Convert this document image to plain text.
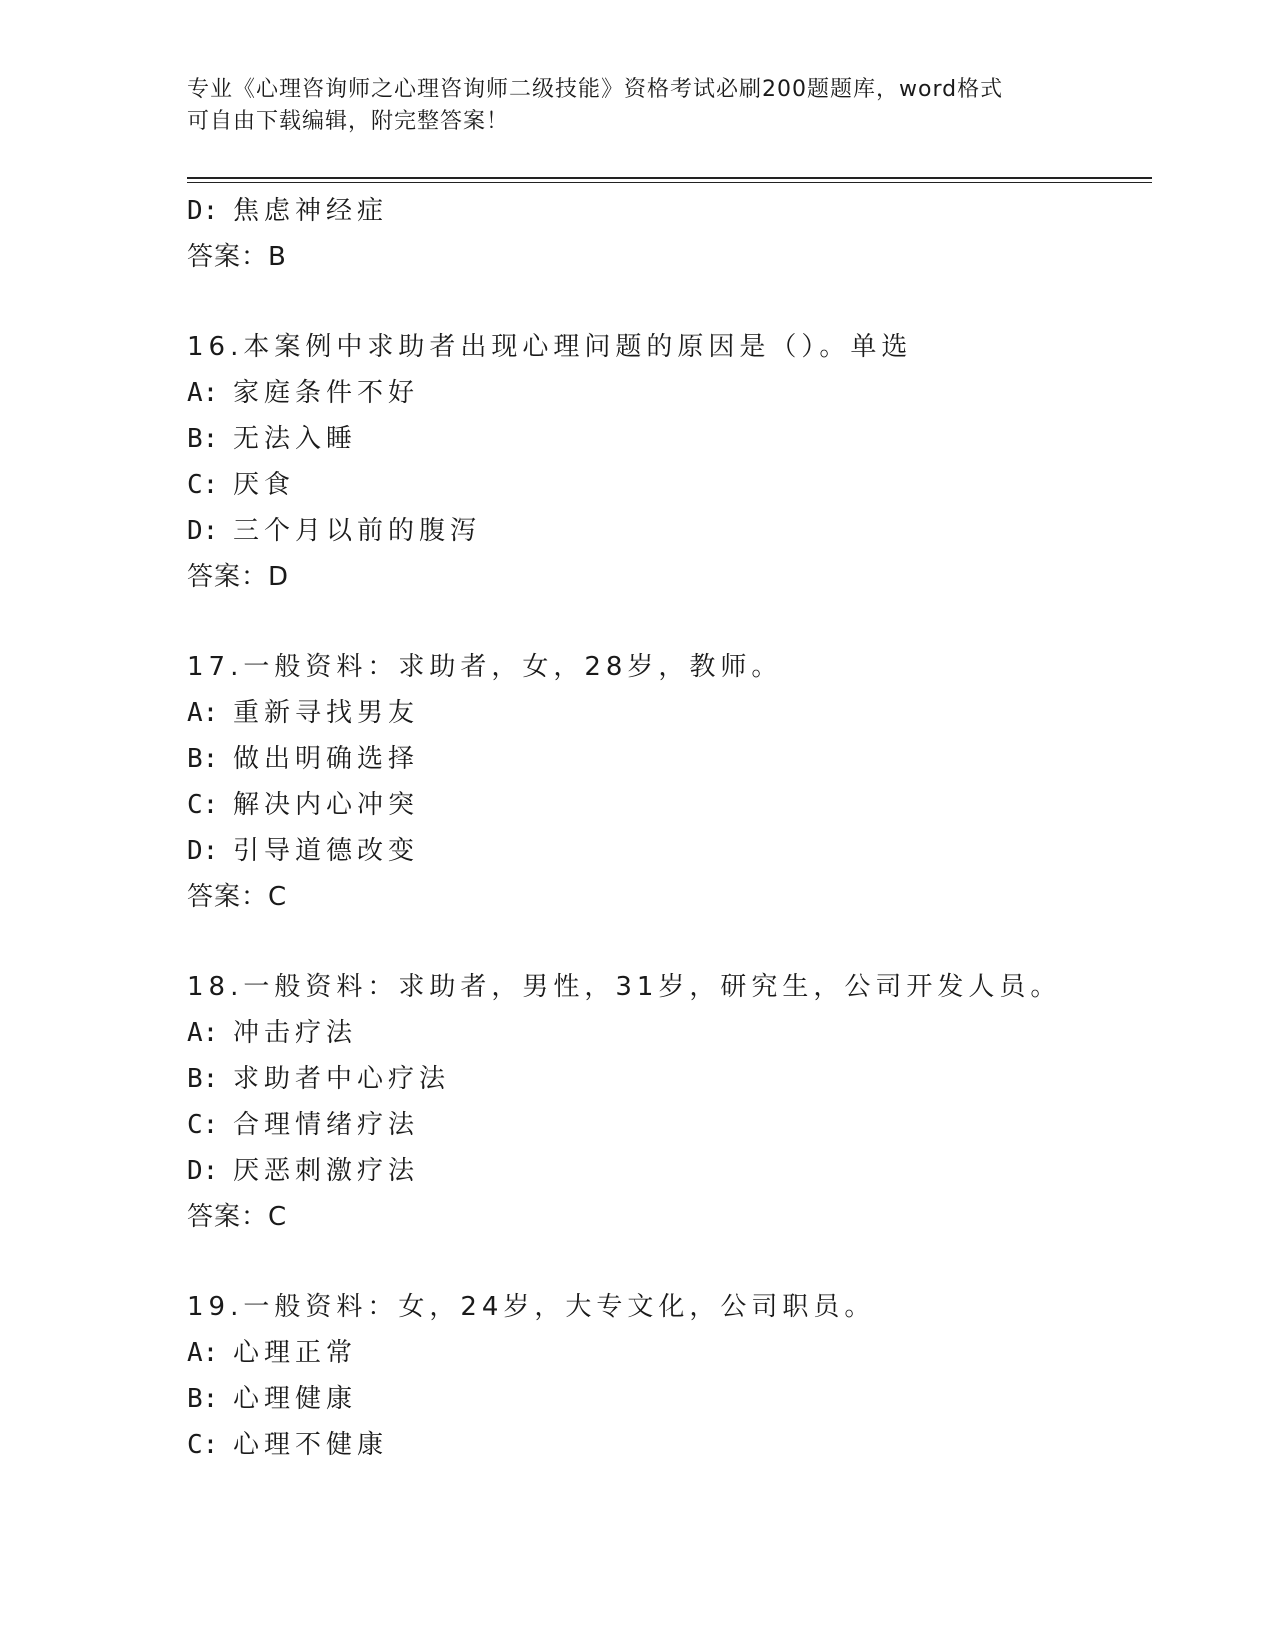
专业《心理咨询师之心理咨询师二级技能》资格考试必刷200题题库，word格式
可自由下载编辑，附完整答案！
D: 焦虑神经症
答案：B
16.本案例中求助者出现心理问题的原因是（）。单选
A: 家庭条件不好
B: 无法入睡
C: 厌食
D: 三个月以前的腹泻
答案：D
17.一般资料：求助者，女，28岁，教师。
A: 重新寻找男友
B: 做出明确选择
C: 解决内心冲突
D: 引导道德改变
答案：C
18.一般资料：求助者，男性，31岁，研究生，公司开发人员。
A: 冲击疗法
B: 求助者中心疗法
C: 合理情绪疗法
D: 厌恶刺激疗法
答案：C
19.一般资料：女，24岁，大专文化，公司职员。
A: 心理正常
B: 心理健康
C: 心理不健康
